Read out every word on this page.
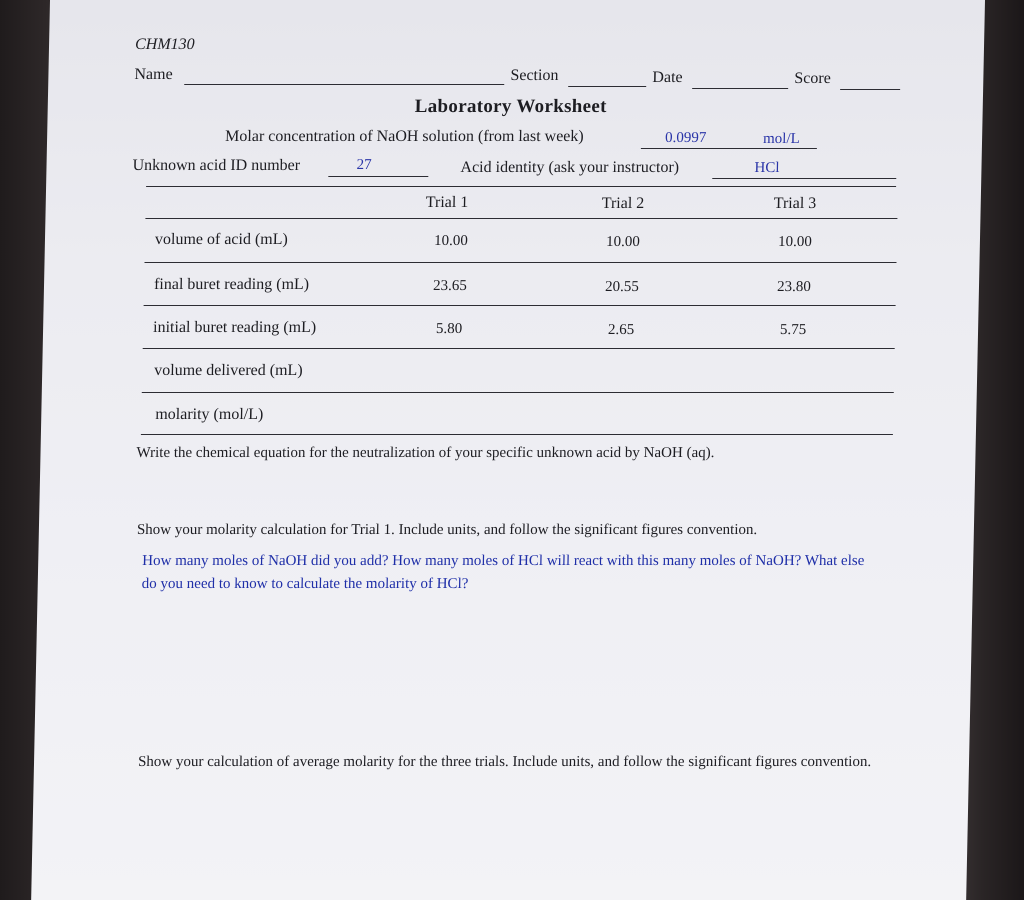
CHM130
Name	Section	Date	Score
Laboratory Worksheet
Molar concentration of NaOH solution (from last week)	0.0997	mol/L
Unknown acid ID number	27	Acid identity (ask your instructor)	HCl
Trial 1	Trial 2	Trial 3
volume of acid (mL)	10.00	10.00	10.00
final buret reading (mL)	23.65	20.55	23.80
initial buret reading (mL)	5.80	2.65	5.75
volume delivered (mL)
molarity (mol/L)
Write the chemical equation for the neutralization of your specific unknown acid by NaOH (aq).
Show your molarity calculation for Trial 1. Include units, and follow the significant figures convention.
How many moles of NaOH did you add? How many moles of HCl will react with this many moles of NaOH? What else do you need to know to calculate the molarity of HCl?
Show your calculation of average molarity for the three trials. Include units, and follow the significant figures convention.
